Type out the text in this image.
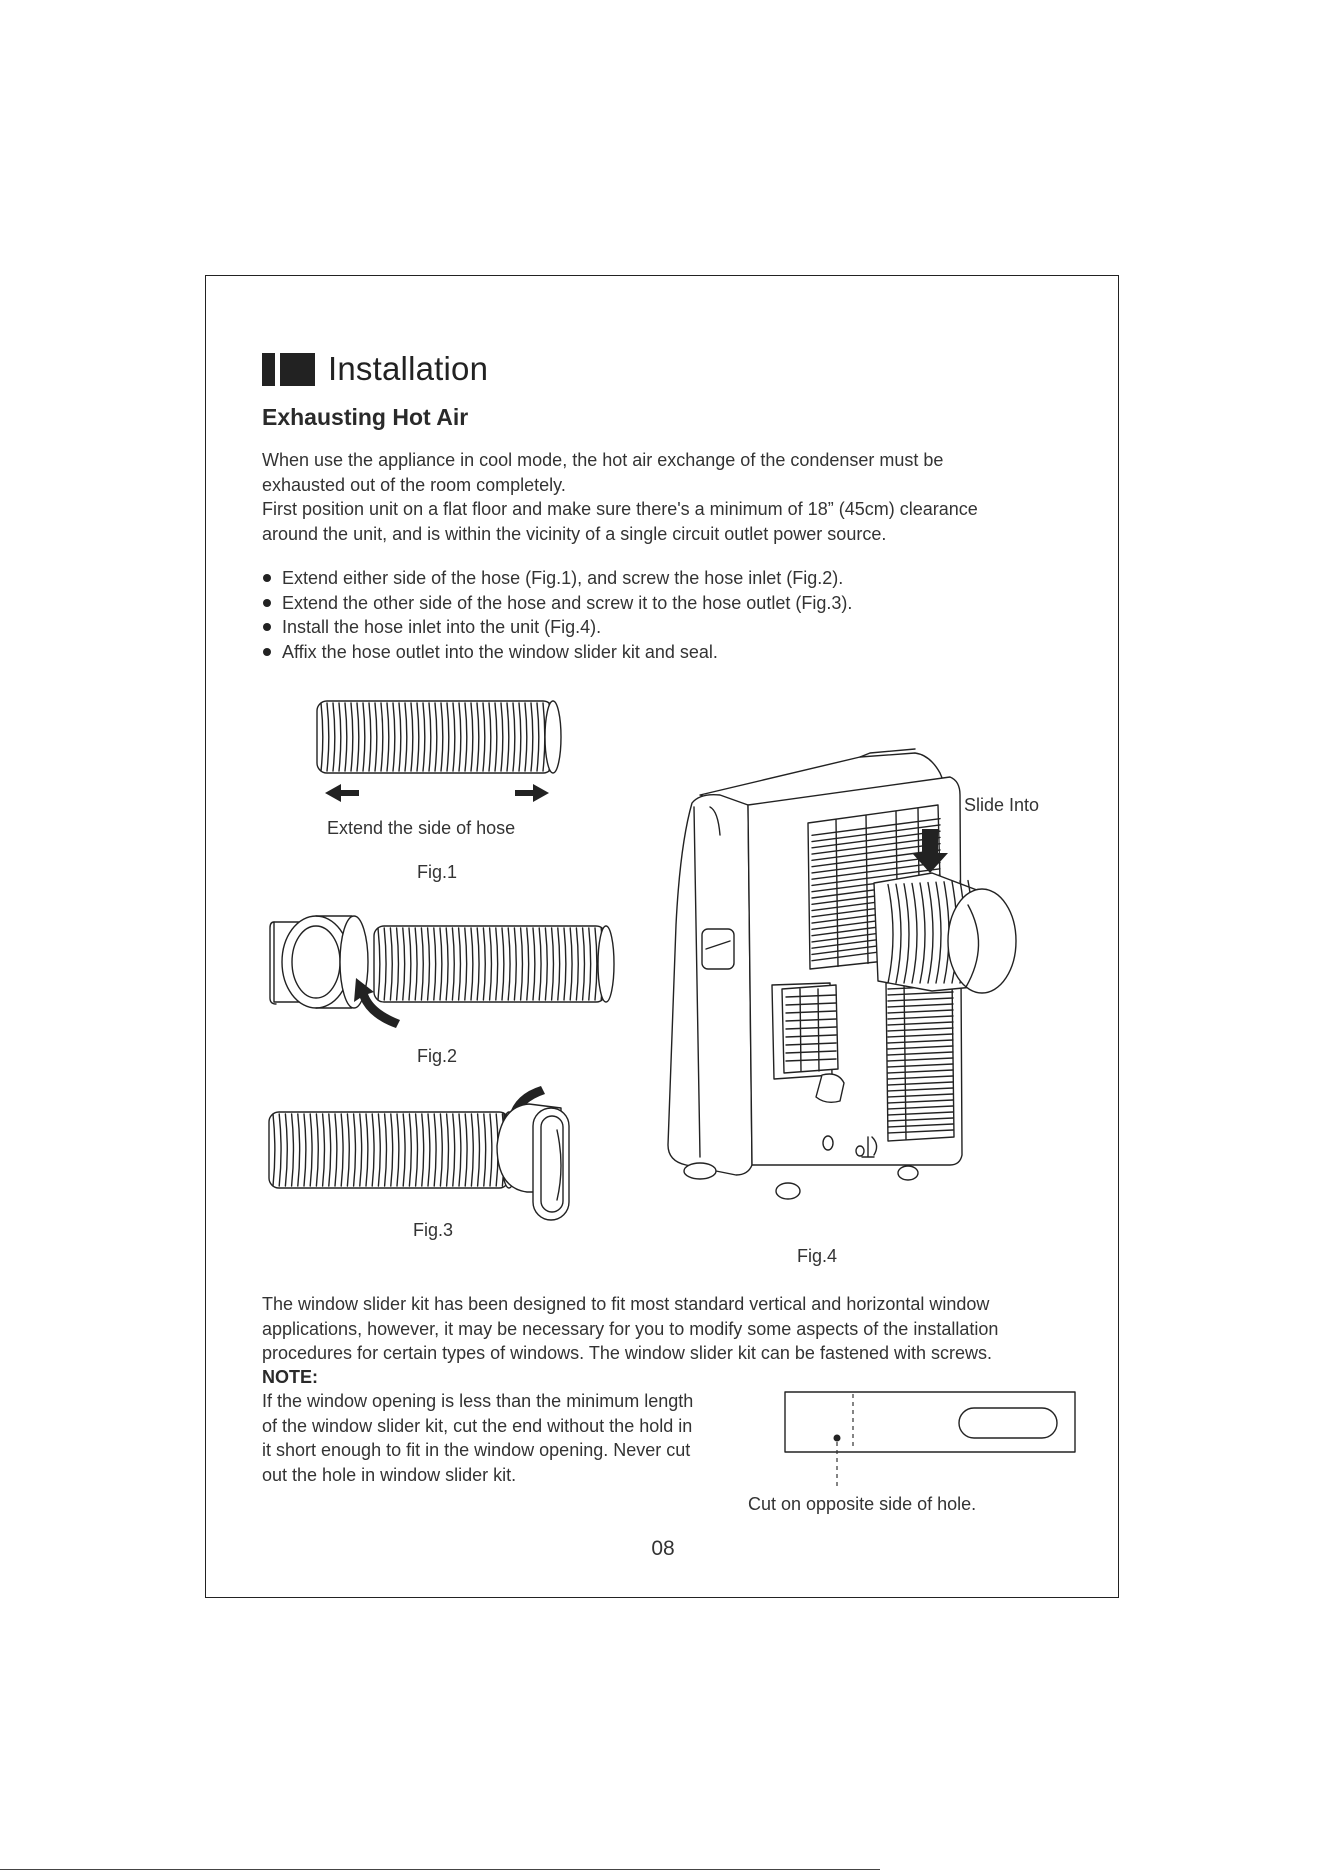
Installation
Exhausting Hot Air
When use the appliance in cool mode, the hot air exchange of the condenser must be
exhausted out of the room completely.
First position unit on a flat floor and make sure there's a minimum of 18” (45cm) clearance
around the unit, and is within the vicinity of a single circuit outlet power source.
Extend either side of the hose (Fig.1), and screw the hose inlet (Fig.2).
Extend the other side of the hose and screw it to the hose outlet (Fig.3).
Install the hose inlet into the unit (Fig.4).
Affix the hose outlet into the window slider kit and seal.
Extend the side of hose
Fig.1
Fig.2
Fig.3
Slide Into
Fig.4
The window slider kit has been designed to fit most standard vertical and horizontal window
applications, however, it may be necessary for you to modify some aspects of the installation
procedures for certain types of windows. The window slider kit can be fastened with screws.
NOTE:
If the window opening is less than the minimum length
of the window slider kit, cut the end without the hold in
it short enough to fit in the window opening. Never cut
out the hole in window slider kit.
Cut on opposite side of hole.
08
